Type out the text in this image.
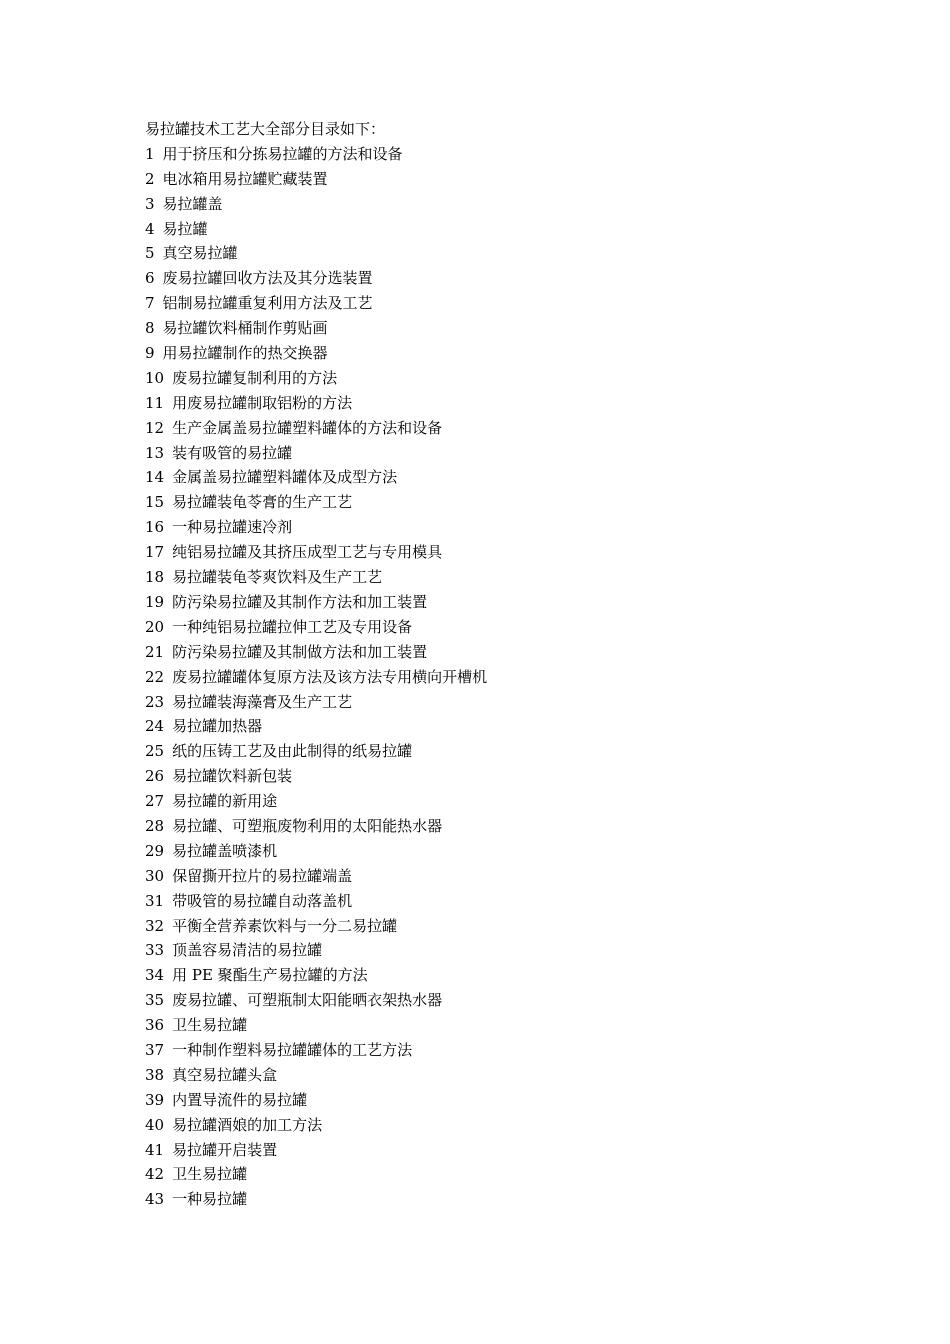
易拉罐技术工艺大全部分目录如下：

1 用于挤压和分拣易拉罐的方法和设备
2 电冰箱用易拉罐贮藏装置
3 易拉罐盖
4 易拉罐
5 真空易拉罐
6 废易拉罐回收方法及其分选装置
7 铝制易拉罐重复利用方法及工艺
8 易拉罐饮料桶制作剪贴画
9 用易拉罐制作的热交换器
10 废易拉罐复制利用的方法
11 用废易拉罐制取铝粉的方法
12 生产金属盖易拉罐塑料罐体的方法和设备
13 装有吸管的易拉罐
14 金属盖易拉罐塑料罐体及成型方法
15 易拉罐装龟苓膏的生产工艺
16 一种易拉罐速冷剂
17 纯铝易拉罐及其挤压成型工艺与专用模具
18 易拉罐装龟苓爽饮料及生产工艺
19 防污染易拉罐及其制作方法和加工装置
20 一种纯铝易拉罐拉伸工艺及专用设备
21 防污染易拉罐及其制做方法和加工装置
22 废易拉罐罐体复原方法及该方法专用横向开槽机
23 易拉罐装海藻膏及生产工艺
24 易拉罐加热器
25 纸的压铸工艺及由此制得的纸易拉罐
26 易拉罐饮料新包装
27 易拉罐的新用途
28 易拉罐、可塑瓶废物利用的太阳能热水器
29 易拉罐盖喷漆机
30 保留撕开拉片的易拉罐端盖
31 带吸管的易拉罐自动落盖机
32 平衡全营养素饮料与一分二易拉罐
33 顶盖容易清洁的易拉罐
34 用 PE 聚酯生产易拉罐的方法
35 废易拉罐、可塑瓶制太阳能晒衣架热水器
36 卫生易拉罐
37 一种制作塑料易拉罐罐体的工艺方法
38 真空易拉罐头盒
39 内置导流件的易拉罐
40 易拉罐酒娘的加工方法
41 易拉罐开启装置
42 卫生易拉罐
43 一种易拉罐
